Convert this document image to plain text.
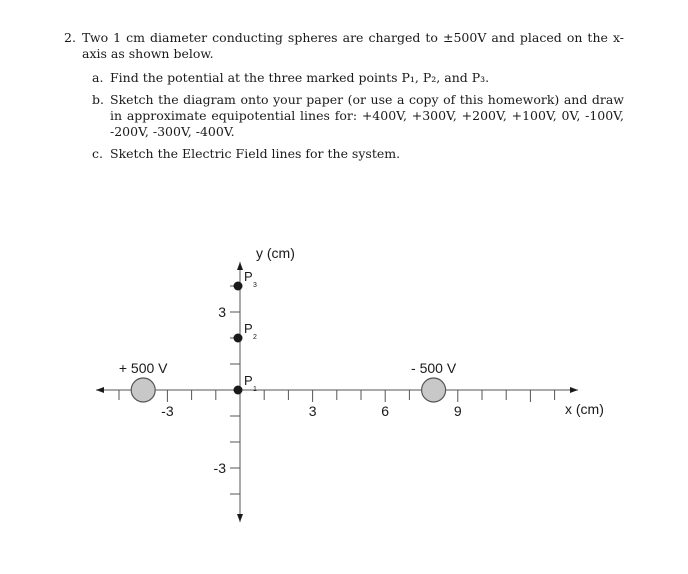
2. Two 1 cm diameter conducting spheres are charged to ±500V and placed on the x-axis as shown below.
a. Find the potential at the three marked points P₁, P₂, and P₃.
b. Sketch the diagram onto your paper (or use a copy of this homework) and draw in approximate equipotential lines for: +400V, +300V, +200V, +100V, 0V, -100V, -200V, -300V, -400V.
c. Sketch the Electric Field lines for the system.
-3	3	6	9
3
-3
+ 500 V	- 500 V
P
1
P
2
P
3
y (cm)
x (cm)
